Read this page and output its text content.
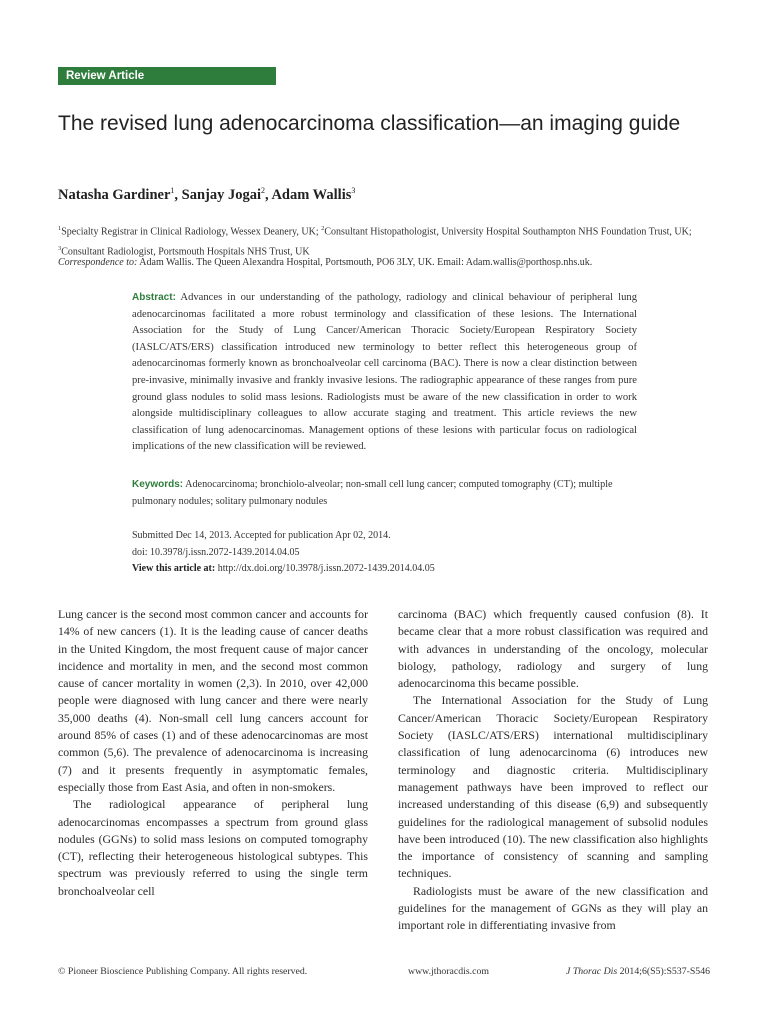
Review Article
The revised lung adenocarcinoma classification—an imaging guide
Natasha Gardiner$^1$, Sanjay Jogai$^2$, Adam Wallis$^3$
$^1$Specialty Registrar in Clinical Radiology, Wessex Deanery, UK; $^2$Consultant Histopathologist, University Hospital Southampton NHS Foundation Trust, UK; $^3$Consultant Radiologist, Portsmouth Hospitals NHS Trust, UK
Correspondence to: Adam Wallis. The Queen Alexandra Hospital, Portsmouth, PO6 3LY, UK. Email: Adam.wallis@porthosp.nhs.uk.
Abstract: Advances in our understanding of the pathology, radiology and clinical behaviour of peripheral lung adenocarcinomas facilitated a more robust terminology and classification of these lesions. The International Association for the Study of Lung Cancer/American Thoracic Society/European Respiratory Society (IASLC/ATS/ERS) classification introduced new terminology to better reflect this heterogeneous group of adenocarcinomas formerly known as bronchoalveolar cell carcinoma (BAC). There is now a clear distinction between pre-invasive, minimally invasive and frankly invasive lesions. The radiographic appearance of these ranges from pure ground glass nodules to solid mass lesions. Radiologists must be aware of the new classification in order to work alongside multidisciplinary colleagues to allow accurate staging and treatment. This article reviews the new classification of lung adenocarcinomas. Management options of these lesions with particular focus on radiological implications of the new classification will be reviewed.
Keywords: Adenocarcinoma; bronchiolo-alveolar; non-small cell lung cancer; computed tomography (CT); multiple pulmonary nodules; solitary pulmonary nodules
Submitted Dec 14, 2013. Accepted for publication Apr 02, 2014.
doi: 10.3978/j.issn.2072-1439.2014.04.05
View this article at: http://dx.doi.org/10.3978/j.issn.2072-1439.2014.04.05

Lung cancer is the second most common cancer and accounts for 14% of new cancers (1). It is the leading cause of cancer deaths in the United Kingdom, the most frequent cause of major cancer incidence and mortality in men, and the second most common cause of cancer mortality in women (2,3). In 2010, over 42,000 people were diagnosed with lung cancer and there were nearly 35,000 deaths (4). Non-small cell lung cancers account for around 85% of cases (1) and of these adenocarcinomas are most common (5,6). The prevalence of adenocarcinoma is increasing (7) and it presents frequently in asymptomatic females, especially those from East Asia, and often in non-smokers.

The radiological appearance of peripheral lung adenocarcinomas encompasses a spectrum from ground glass nodules (GGNs) to solid mass lesions on computed tomography (CT), reflecting their heterogeneous histological subtypes. This spectrum was previously referred to using the single term bronchoalveolar cell

carcinoma (BAC) which frequently caused confusion (8). It became clear that a more robust classification was required and with advances in understanding of the oncology, molecular biology, pathology, radiology and surgery of lung adenocarcinoma this became possible.

The International Association for the Study of Lung Cancer/American Thoracic Society/European Respiratory Society (IASLC/ATS/ERS) international multidisciplinary classification of lung adenocarcinoma (6) introduces new terminology and diagnostic criteria. Multidisciplinary management pathways have been improved to reflect our increased understanding of this disease (6,9) and subsequently guidelines for the radiological management of subsolid nodules have been introduced (10). The new classification also highlights the importance of consistency of scanning and sampling techniques.

Radiologists must be aware of the new classification and guidelines for the management of GGNs as they will play an important role in differentiating invasive from

© Pioneer Bioscience Publishing Company. All rights reserved.	www.jthoracdis.com	J Thorac Dis 2014;6(S5):S537-S546
